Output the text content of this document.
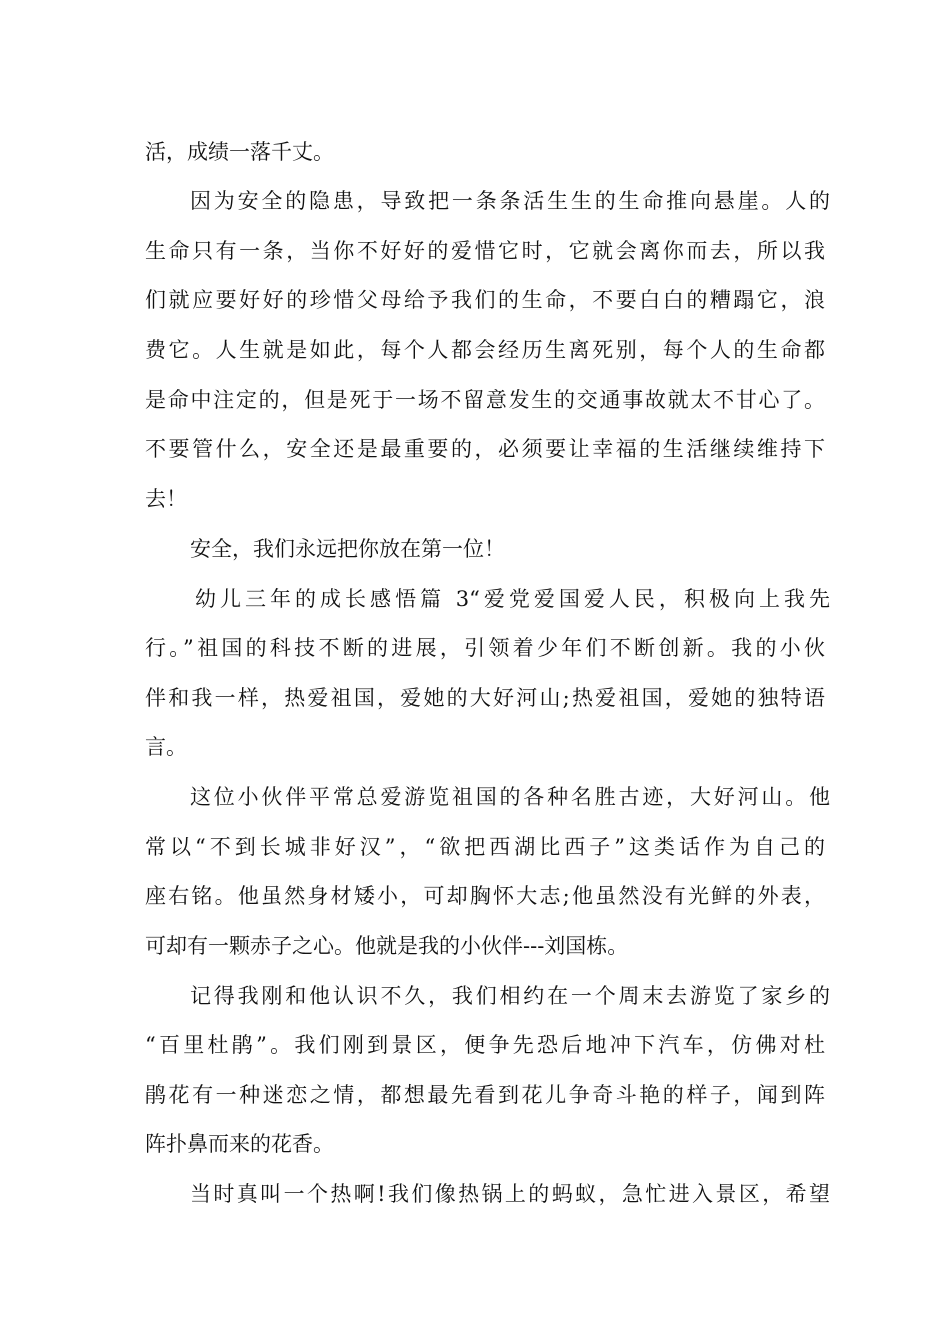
活，成绩一落千丈。
因为安全的隐患，导致把一条条活生生的生命推向悬崖。人的
生命只有一条，当你不好好的爱惜它时，它就会离你而去，所以我
们就应要好好的珍惜父母给予我们的生命，不要白白的糟蹋它，浪
费它。人生就是如此，每个人都会经历生离死别，每个人的生命都
是命中注定的，但是死于一场不留意发生的交通事故就太不甘心了。
不要管什么，安全还是最重要的，必须要让幸福的生活继续维持下
去！
安全，我们永远把你放在第一位！
幼儿三年的成长感悟篇 3“爱党爱国爱人民，积极向上我先
行。”祖国的科技不断的进展，引领着少年们不断创新。我的小伙
伴和我一样，热爱祖国，爱她的大好河山;热爱祖国，爱她的独特语
言。
这位小伙伴平常总爱游览祖国的各种名胜古迹，大好河山。他
常以“不到长城非好汉”，“欲把西湖比西子”这类话作为自己的
座右铭。他虽然身材矮小，可却胸怀大志;他虽然没有光鲜的外表，
可却有一颗赤子之心。他就是我的小伙伴---刘国栋。
记得我刚和他认识不久，我们相约在一个周末去游览了家乡的
“百里杜鹃”。我们刚到景区，便争先恐后地冲下汽车，仿佛对杜
鹃花有一种迷恋之情，都想最先看到花儿争奇斗艳的样子，闻到阵
阵扑鼻而来的花香。
当时真叫一个热啊!我们像热锅上的蚂蚁，急忙进入景区，希望
